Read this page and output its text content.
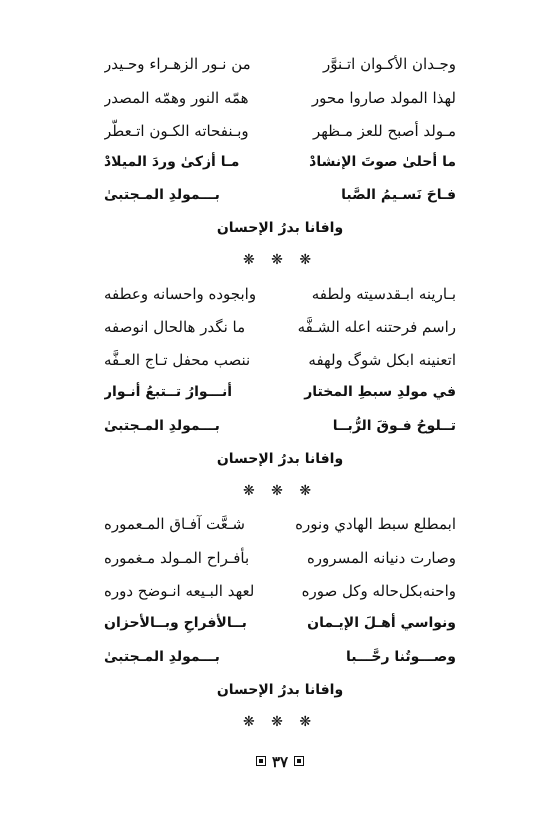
وجـدان الأكـوان اتـنوَّر
من نـور الزهـراء وحـيدر
لهذا المولد صاروا محور
همّه النور وهمّه المصدر
مـولد أصبح للعز مـظهر
وبـنفحاته الكـون اتـعطَّر
ما أحلىٰ صوتَ الإنشادْ
مـا أزكىٰ وردَ الميلادْ
فـاحَ نَسـيمُ الصَّبا
بـــمولدِ المـجتبىٰ
وافانا بدرُ الإحسان
❋ ❋ ❋
بـارينه ابـقدسيته ولطفه
وابجوده واحسانه وعطفه
راسم فرحتنه اعله الشـفَّه
ما نگدر هالحال انوصفه
اتعنينه ابكل شوگ ولهفه
ننصب محفل تـاج العـفَّه
في مولدِ سبطِ المختار
أنـــوارُ تــتبعُ أنـوار
تــلوحُ فـوقَ الرُّبــا
بـــمولدِ المـجتبىٰ
وافانا بدرُ الإحسان
❋ ❋ ❋
ابمطلع سبط الهادي ونوره
شـعَّت آفـاق المـعموره
وصارت دنيانه المسروره
بأفـراح المـولد مـغموره
واحنه‌بكل‌حاله وكل صوره
لعهد البـيعه انـوضح دوره
ونواسي أهـلَ الإيـمان
بــالأفراحِ وبــالأحزان
وصـــوتُنا رحَّـــبا
بـــمولدِ المـجتبىٰ
وافانا بدرُ الإحسان
❋ ❋ ❋
٣٧
